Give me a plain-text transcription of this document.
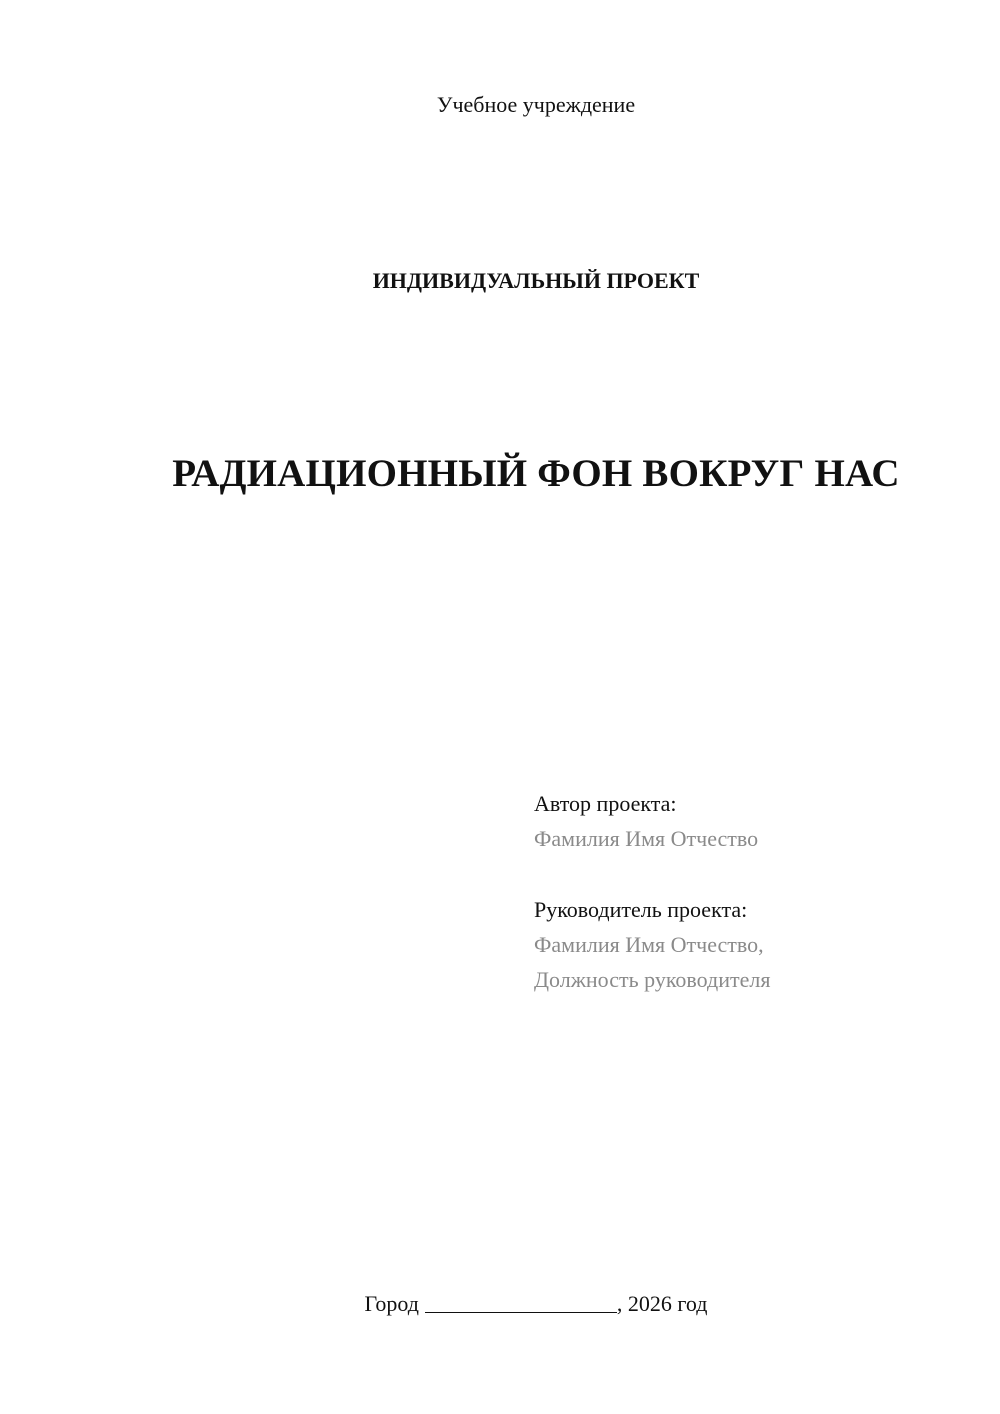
Учебное учреждение
ИНДИВИДУАЛЬНЫЙ ПРОЕКТ
РАДИАЦИОННЫЙ ФОН ВОКРУГ НАС
Автор проекта:
Фамилия Имя Отчество
Руководитель проекта:
Фамилия Имя Отчество,
Должность руководителя
Город	, 2026 год
